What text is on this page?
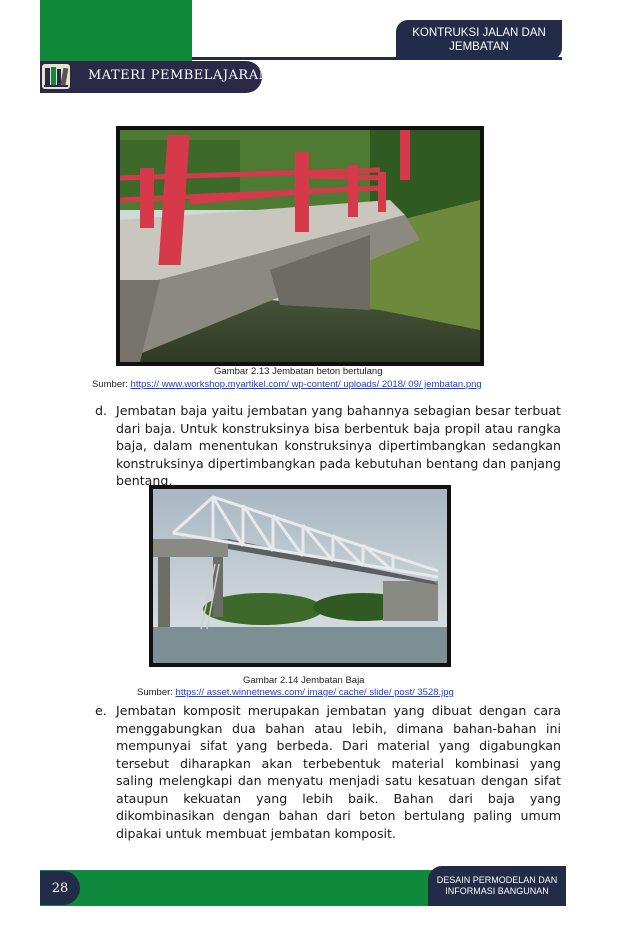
KONTRUKSI JALAN DAN
JEMBATAN
MATERI PEMBELAJARAN
Gambar 2.13 Jembatan beton bertulang
Sumber: https:// www.workshop.myartikel.com/ wp-content/ uploads/ 2018/ 09/ jembatan.png
d. Jembatan baja yaitu jembatan yang bahannya sebagian besar terbuat dari baja. Untuk konstruksinya bisa berbentuk baja propil atau rangka baja, dalam menentukan konstruksinya dipertimbangkan sedangkan konstruksinya dipertimbangkan pada kebutuhan bentang dan panjang bentang,
Gambar 2.14 Jembatan Baja
Sumber: https:// asset.winnetnews.com/ image/ cache/ slide/ post/ 3528.jpg
e. Jembatan komposit merupakan jembatan yang dibuat dengan cara menggabungkan dua bahan atau lebih, dimana bahan-bahan ini mempunyai sifat yang berbeda. Dari material yang digabungkan tersebut diharapkan akan terbebentuk material kombinasi yang saling melengkapi dan menyatu menjadi satu kesatuan dengan sifat ataupun kekuatan yang lebih baik. Bahan dari baja yang dikombinasikan dengan bahan dari beton bertulang paling umum dipakai untuk membuat jembatan komposit.
28
DESAIN PERMODELAN DAN
INFORMASI BANGUNAN
